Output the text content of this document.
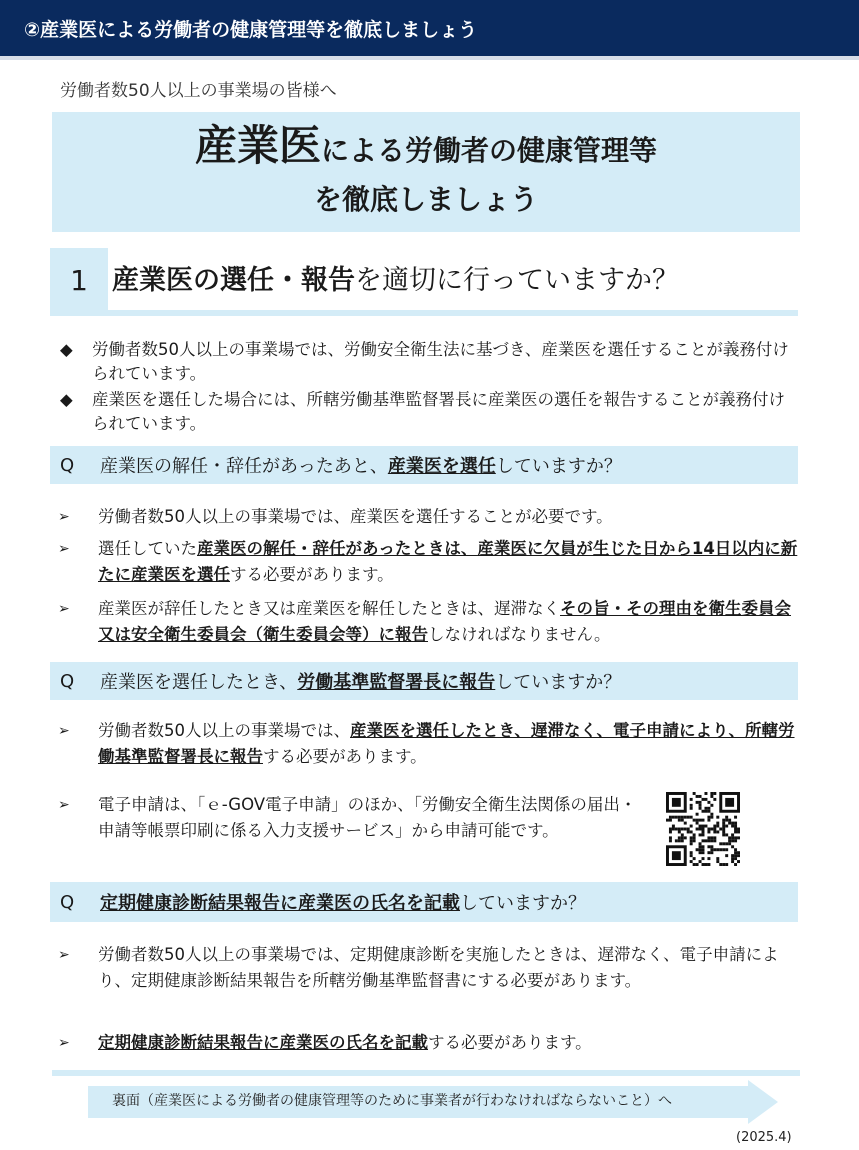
②産業医による労働者の健康管理等を徹底しましょう
労働者数50人以上の事業場の皆様へ
産業医による労働者の健康管理等
を徹底しましょう
1 産業医の選任・報告を適切に行っていますか？
◆ 労働者数50人以上の事業場では、労働安全衛生法に基づき、産業医を選任することが義務付けられています。
◆ 産業医を選任した場合には、所轄労働基準監督署長に産業医の選任を報告することが義務付けられています。
Q	産業医の解任・辞任があったあと、 産業医を選任 していますか？
➢ 労働者数50人以上の事業場では、産業医を選任することが必要です。
➢ 選任していた産業医の解任・辞任があったときは、産業医に欠員が生じた日から14日以内に新たに産業医を選任する必要があります。
➢ 産業医が辞任したとき又は産業医を解任したときは、遅滞なくその旨・その理由を衛生委員会又は安全衛生委員会（衛生委員会等）に報告しなければなりません。
Q	産業医を選任したとき、 労働基準監督署長に報告 していますか？
➢ 労働者数50人以上の事業場では、産業医を選任したとき、遅滞なく、電子申請により、所轄労働基準監督署長に報告する必要があります。
➢ 電子申請は、「ｅ-GOV電子申請」のほか、「労働安全衛生法関係の届出・申請等帳票印刷に係る入力支援サービス」から申請可能です。
Q	定期健康診断結果報告に産業医の氏名を記載 していますか？
➢ 労働者数50人以上の事業場では、定期健康診断を実施したときは、遅滞なく、電子申請により、定期健康診断結果報告を所轄労働基準監督書にする必要があります。
➢ 定期健康診断結果報告に産業医の氏名を記載する必要があります。
裏面（産業医による労働者の健康管理等のために事業者が行わなければならないこと）へ
(2025.4)
